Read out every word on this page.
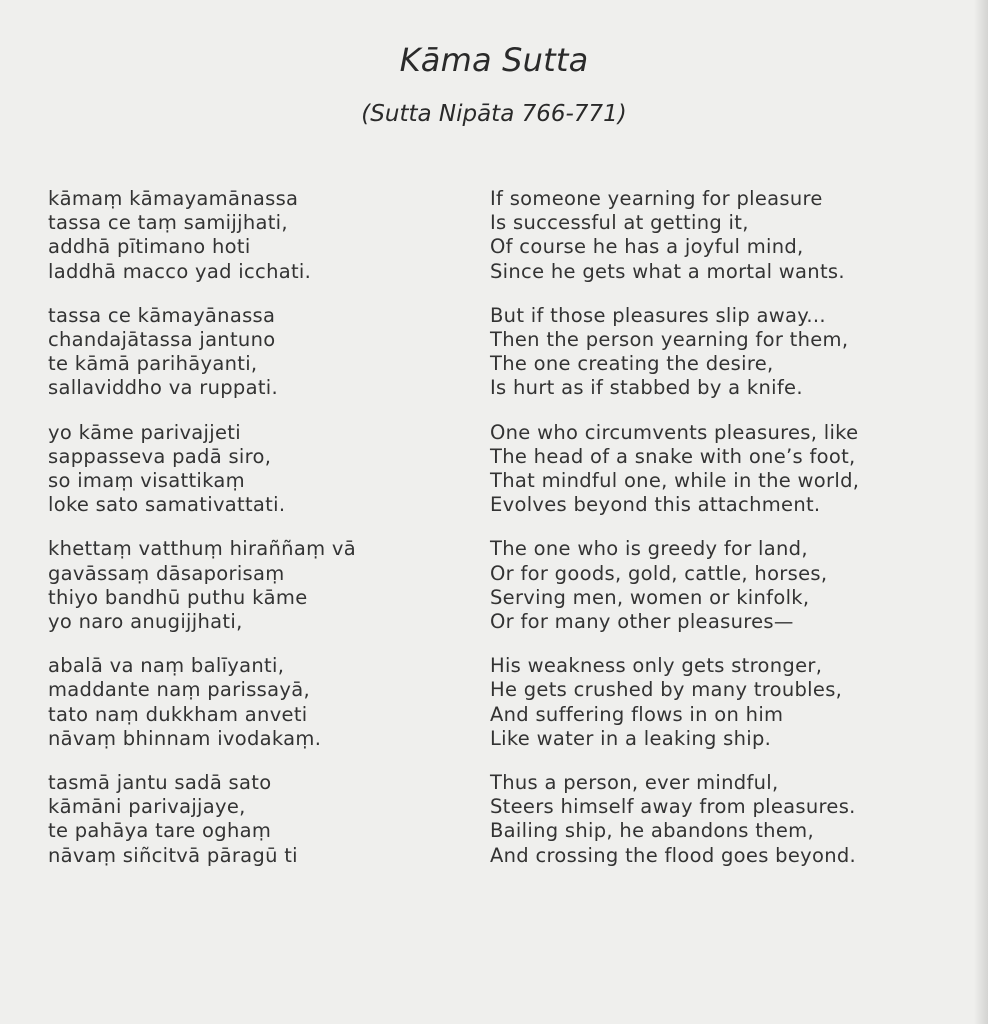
Kāma Sutta
(Sutta Nipāta 766-771)
kāmaṃ kāmayamānassa
tassa ce taṃ samijjhati,
addhā pītimano hoti
laddhā macco yad icchati.
tassa ce kāmayānassa
chandajātassa jantuno
te kāmā parihāyanti,
sallaviddho va ruppati.
yo kāme parivajjeti
sappasseva padā siro,
so imaṃ visattikaṃ
loke sato samativattati.
khettaṃ vatthuṃ hiraññaṃ vā
gavāssaṃ dāsaporisaṃ
thiyo bandhū puthu kāme
yo naro anugijjhati,
abalā va naṃ balīyanti,
maddante naṃ parissayā,
tato naṃ dukkham anveti
nāvaṃ bhinnam ivodakaṃ.
tasmā jantu sadā sato
kāmāni parivajjaye,
te pahāya tare oghaṃ
nāvaṃ siñcitvā pāragū ti
If someone yearning for pleasure
Is successful at getting it,
Of course he has a joyful mind,
Since he gets what a mortal wants.
But if those pleasures slip away...
Then the person yearning for them,
The one creating the desire,
Is hurt as if stabbed by a knife.
One who circumvents pleasures, like
The head of a snake with one’s foot,
That mindful one, while in the world,
Evolves beyond this attachment.
The one who is greedy for land,
Or for goods, gold, cattle, horses,
Serving men, women or kinfolk,
Or for many other pleasures—
His weakness only gets stronger,
He gets crushed by many troubles,
And suffering flows in on him
Like water in a leaking ship.
Thus a person, ever mindful,
Steers himself away from pleasures.
Bailing ship, he abandons them,
And crossing the flood goes beyond.
